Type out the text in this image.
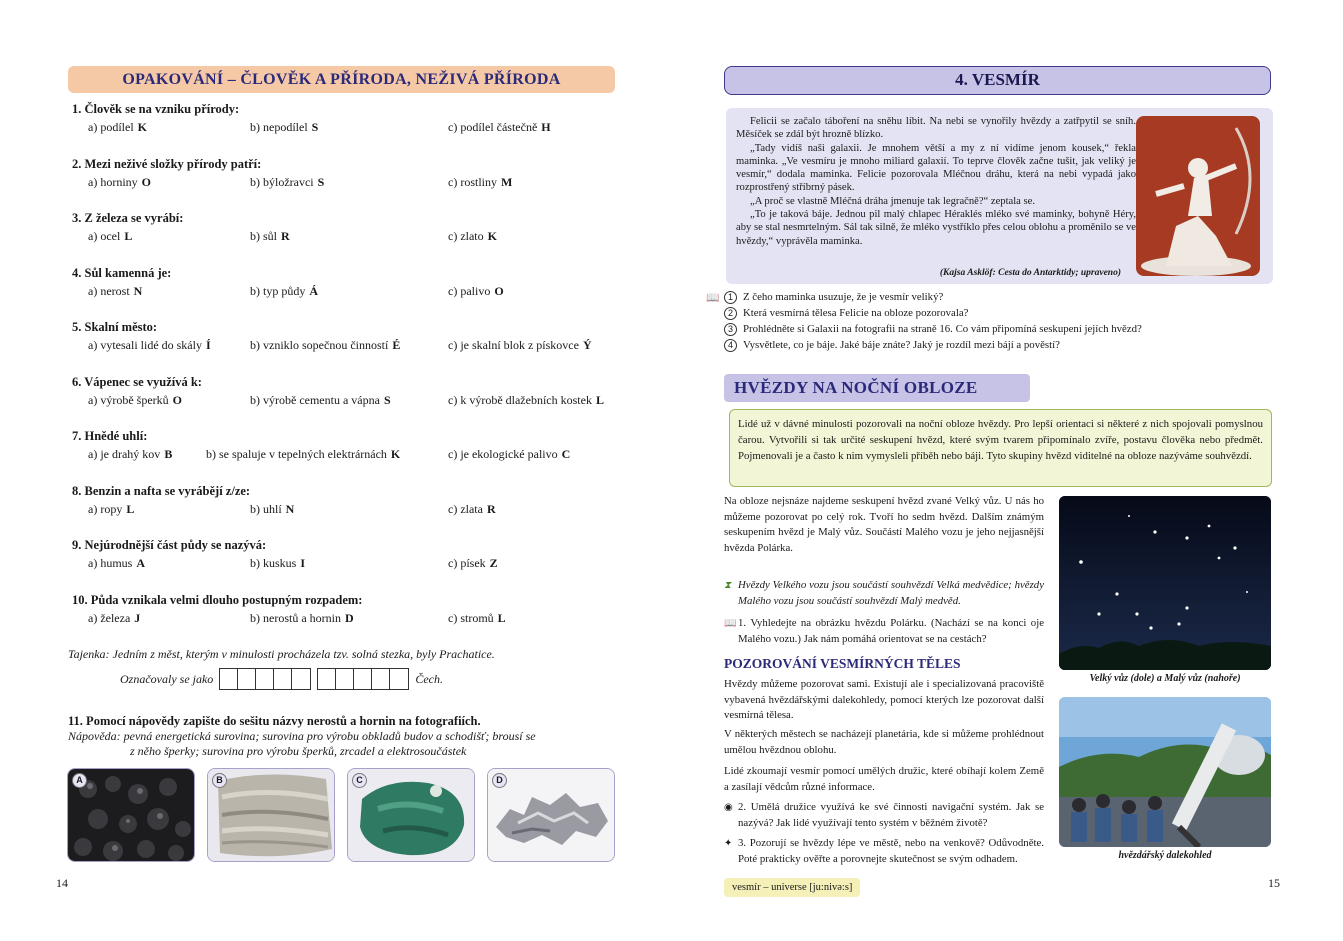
OPAKOVÁNÍ – ČLOVĚK A PŘÍRODA, NEŽIVÁ PŘÍRODA
1. Člověk se na vzniku přírody:
a) podílel K	b) nepodílel S	c) podílel částečně H
2. Mezi neživé složky přírody patří:
a) horniny O	b) býložravci S	c) rostliny M
3. Z železa se vyrábí:
a) ocel L	b) sůl R	c) zlato K
4. Sůl kamenná je:
a) nerost N	b) typ půdy Á	c) palivo O
5. Skalní město:
a) vytesali lidé do skály Í	b) vzniklo sopečnou činností É	c) je skalní blok z pískovce Ý
6. Vápenec se využívá k:
a) výrobě šperků O	b) výrobě cementu a vápna S	c) k výrobě dlažebních kostek L
7. Hnědé uhlí:
a) je drahý kov B	b) se spaluje v tepelných elektrárnách K	c) je ekologické palivo C
8. Benzin a nafta se vyrábějí z/ze:
a) ropy L	b) uhlí N	c) zlata R
9. Nejúrodnější část půdy se nazývá:
a) humus A	b) kuskus I	c) písek Z
10. Půda vznikala velmi dlouho postupným rozpadem:
a) železa J	b) nerostů a hornin D	c) stromů L
Tajenka: Jedním z měst, kterým v minulosti procházela tzv. solná stezka, byly Prachatice.
Označovaly se jako	Čech.
11. Pomocí nápovědy zapište do sešitu názvy nerostů a hornin na fotografiích.
Nápověda: pevná energetická surovina; surovina pro výrobu obkladů budov a schodišť; brousí se
z něho šperky; surovina pro výrobu šperků, zrcadel a elektrosoučástek
A	B	C	D
14
4. VESMÍR

Felicii se začalo táboření na sněhu líbit. Na nebi se vynořily hvězdy a zatřpytil se sníh. Měsíček se zdál být hrozně blízko.

„Tady vidíš naši galaxii. Je mnohem větší a my z ní vidíme jenom kousek,“ řekla maminka. „Ve vesmíru je mnoho miliard galaxií. To teprve člověk začne tušit, jak veliký je vesmír,“ dodala maminka. Felicie pozorovala Mléčnou dráhu, která na nebi vypadá jako rozprostřený stříbrný pásek.

„A proč se vlastně Mléčná dráha jmenuje tak legračně?“ zeptala se.

„To je taková báje. Jednou pil malý chlapec Héraklés mléko své maminky, bohyně Héry, aby se stal nesmrtelným. Sál tak silně, že mléko vystříklo přes celou oblohu a proměnilo se ve hvězdy,“ vyprávěla maminka.

(Kajsa Asklöf: Cesta do Antarktidy; upraveno)
📖 1 Z čeho maminka usuzuje, že je vesmír veliký?
2 Která vesmírná tělesa Felicie na obloze pozorovala?
3 Prohlédněte si Galaxii na fotografii na straně 16. Co vám připomíná seskupení jejích hvězd?
4 Vysvětlete, co je báje. Jaké báje znáte? Jaký je rozdíl mezi bájí a pověstí?
HVĚZDY NA NOČNÍ OBLOZE
Lidé už v dávné minulosti pozorovali na noční obloze hvězdy. Pro lepší orientaci si některé z nich spojovali pomyslnou čarou. Vytvořili si tak určité seskupení hvězd, které svým tvarem připomínalo zvíře, postavu člověka nebo předmět. Pojmenovali je a často k nim vymysleli příběh nebo báji. Tyto skupiny hvězd viditelné na obloze nazýváme souhvězdí.
Na obloze nejsnáze najdeme seskupení hvězd zvané Velký vůz. U nás ho můžeme pozorovat po celý rok. Tvoří ho sedm hvězd. Dalším známým seskupením hvězd je Malý vůz. Součástí Malého vozu je jeho nejjasnější hvězda Polárka.
⧗ Hvězdy Velkého vozu jsou součástí souhvězdí Velká medvědice; hvězdy Malého vozu jsou součástí souhvězdí Malý medvěd.
📖 1. Vyhledejte na obrázku hvězdu Polárku. (Nachází se na konci oje Malého vozu.) Jak nám pomáhá orientovat se na cestách?
POZOROVÁNÍ VESMÍRNÝCH TĚLES
Hvězdy můžeme pozorovat sami. Existují ale i specializovaná pracoviště vybavená hvězdářskými dalekohledy, pomocí kterých lze pozorovat další vesmírná tělesa.
V některých městech se nacházejí planetária, kde si můžeme prohlédnout umělou hvězdnou oblohu.
Lidé zkoumají vesmír pomocí umělých družic, které obíhají kolem Země a zasílají vědcům různé informace.
◉ 2. Umělá družice využívá ke své činnosti navigační systém. Jak se nazývá? Jak lidé využívají tento systém v běžném životě?
✦ 3. Pozorují se hvězdy lépe ve městě, nebo na venkově? Odůvodněte. Poté prakticky ověřte a porovnejte skutečnost se svým odhadem.
Velký vůz (dole) a Malý vůz (nahoře)
hvězdářský dalekohled
vesmír – universe [ju:nivə:s]	15
